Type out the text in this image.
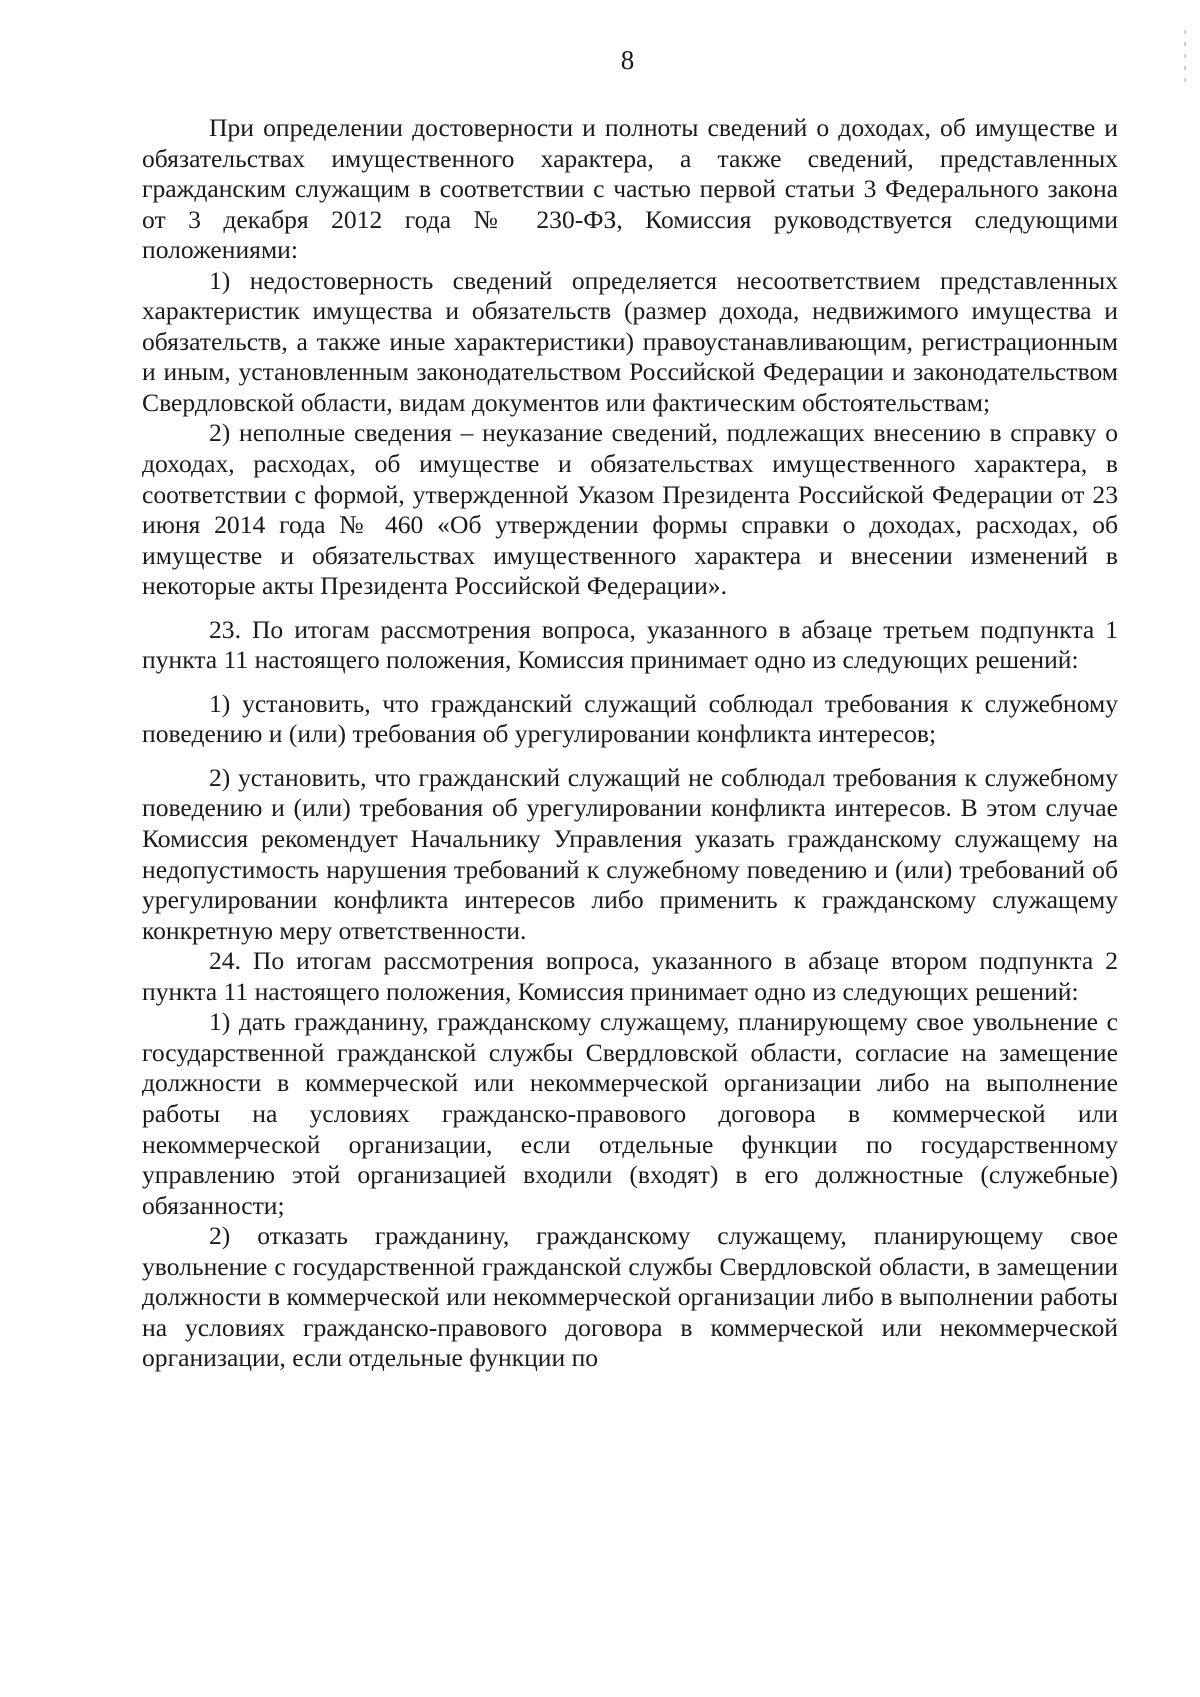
8

При определении достоверности и полноты сведений о доходах, об имуществе и обязательствах имущественного характера, а также сведений, представленных гражданским служащим в соответствии с частью первой статьи 3 Федерального закона от 3 декабря 2012 года № 230-ФЗ, Комиссия руководствуется следующими положениями:

1) недостоверность сведений определяется несоответствием представленных характеристик имущества и обязательств (размер дохода, недвижимого имущества и обязательств, а также иные характеристики) правоустанавливающим, регистрационным и иным, установленным законодательством Российской Федерации и законодательством Свердловской области, видам документов или фактическим обстоятельствам;

2) неполные сведения – неуказание сведений, подлежащих внесению в справку о доходах, расходах, об имуществе и обязательствах имущественного характера, в соответствии с формой, утвержденной Указом Президента Российской Федерации от 23 июня 2014 года № 460 «Об утверждении формы справки о доходах, расходах, об имуществе и обязательствах имущественного характера и внесении изменений в некоторые акты Президента Российской Федерации».

23. По итогам рассмотрения вопроса, указанного в абзаце третьем подпункта 1 пункта 11 настоящего положения, Комиссия принимает одно из следующих решений:

1) установить, что гражданский служащий соблюдал требования к служебному поведению и (или) требования об урегулировании конфликта интересов;

2) установить, что гражданский служащий не соблюдал требования к служебному поведению и (или) требования об урегулировании конфликта интересов. В этом случае Комиссия рекомендует Начальнику Управления указать гражданскому служащему на недопустимость нарушения требований к служебному поведению и (или) требований об урегулировании конфликта интересов либо применить к гражданскому служащему конкретную меру ответственности.

24. По итогам рассмотрения вопроса, указанного в абзаце втором подпункта 2 пункта 11 настоящего положения, Комиссия принимает одно из следующих решений:

1) дать гражданину, гражданскому служащему, планирующему свое увольнение с государственной гражданской службы Свердловской области, согласие на замещение должности в коммерческой или некоммерческой организации либо на выполнение работы на условиях гражданско-правового договора в коммерческой или некоммерческой организации, если отдельные функции по государственному управлению этой организацией входили (входят) в его должностные (служебные) обязанности;

2) отказать гражданину, гражданскому служащему, планирующему свое увольнение с государственной гражданской службы Свердловской области, в замещении должности в коммерческой или некоммерческой организации либо в выполнении работы на условиях гражданско-правового договора в коммерческой или некоммерческой организации, если отдельные функции по
